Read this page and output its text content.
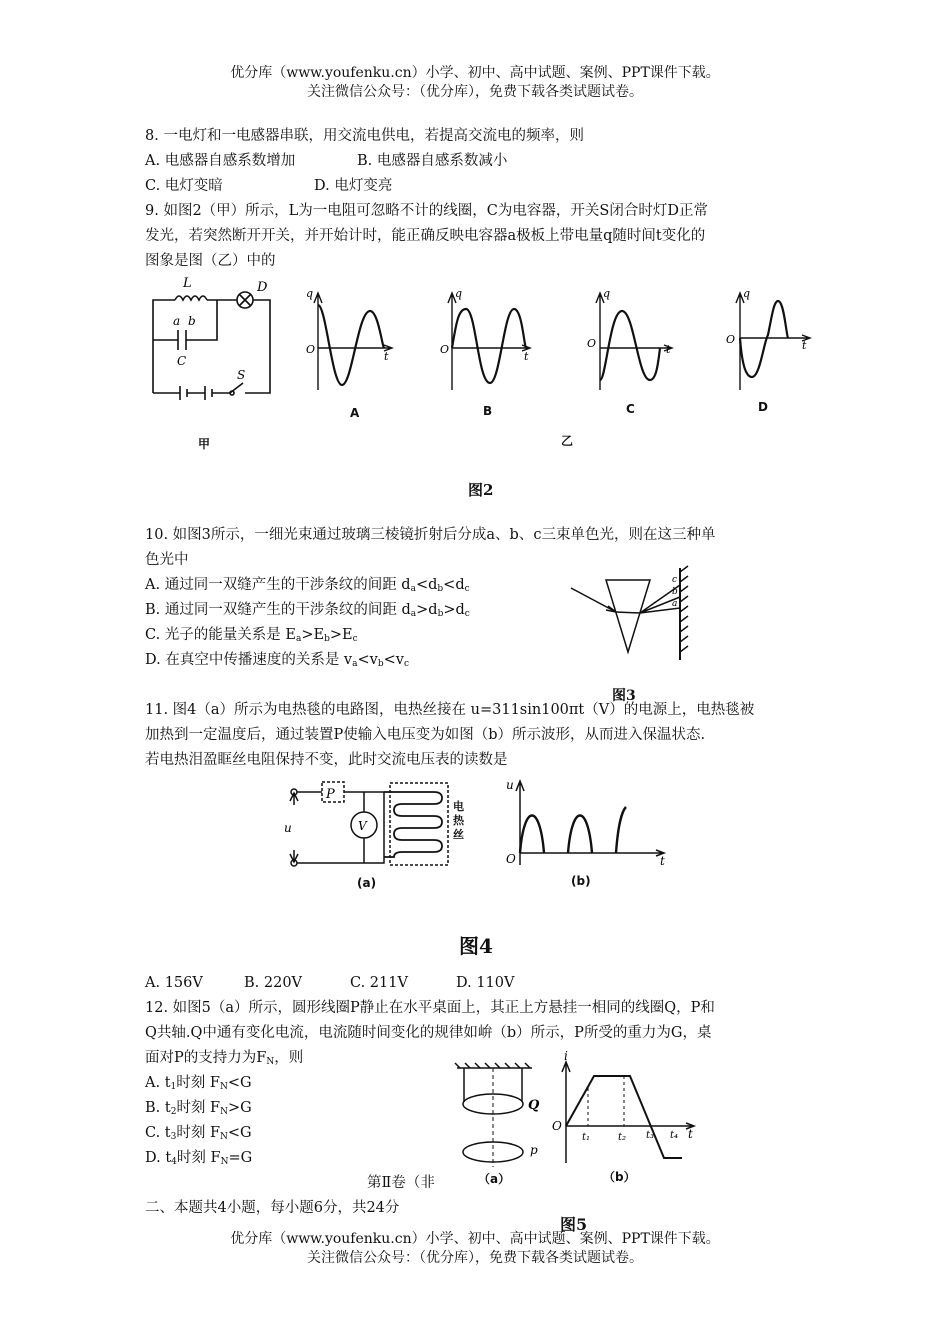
优分库（www.youfenku.cn）小学、初中、高中试题、案例、PPT课件下载。
关注微信公众号：（优分库），免费下载各类试题试卷。
8. 一电灯和一电感器串联，用交流电供电，若提高交流电的频率，则
A. 电感器自感系数增加	B. 电感器自感系数减小
C. 电灯变暗	D. 电灯变亮
9. 如图2（甲）所示，L为一电阻可忽略不计的线圈，C为电容器，开关S闭合时灯D正常
发光，若突然断开开关，并开始计时，能正确反映电容器a极板上带电量q随时间t变化的
图象是图（乙）中的
L	D
a b
C
S
甲
q
O
t
q
O
t
q
O	t
q
O	t
A	B	C	D
乙
图2
10. 如图3所示，一细光束通过玻璃三棱镜折射后分成a、b、c三束单色光，则在这三种单
色光中
A. 通过同一双缝产生的干涉条纹的间距 $d_a<d_b<d_c$
B. 通过同一双缝产生的干涉条纹的间距 $d_a>d_b>d_c$
C. 光子的能量关系是 $E_a>E_b>E_c$
D. 在真空中传播速度的关系是 $v_a<v_b<v_c$
c
b
a
图3
11. 图4（a）所示为电热毯的电路图，电热丝接在 u=311sin100πt（V）的电源上，电热毯被
加热到一定温度后，通过装置P使输入电压变为如图（b）所示波形，从而进入保温状态.
若电热泪盈眶丝电阻保持不变，此时交流电压表的读数是
P
u	V
电热丝
u
O	t
(a)	(b)
图4
A. 156V	B. 220V	C. 211V	D. 110V
12. 如图5（a）所示，圆形线圈P静止在水平桌面上，其正上方悬挂一相同的线圈Q，P和
Q共轴.Q中通有变化电流，电流随时间变化的规律如峅（b）所示，P所受的重力为G，桌
面对P的支持力为$F_N$，则
A. $t_1$时刻 $F_N<G$
B. $t_2$时刻 $F_N>G$
C. $t_3$时刻 $F_N<G$
D. $t_4$时刻 $F_N=G$
Q
p
i
O
t
t₁	t₂ t₃ t₄
（a）	（b）
第Ⅱ卷（非
二、本题共4小题，每小题6分，共24分
图5
优分库（www.youfenku.cn）小学、初中、高中试题、案例、PPT课件下载。
关注微信公众号：（优分库），免费下载各类试题试卷。
